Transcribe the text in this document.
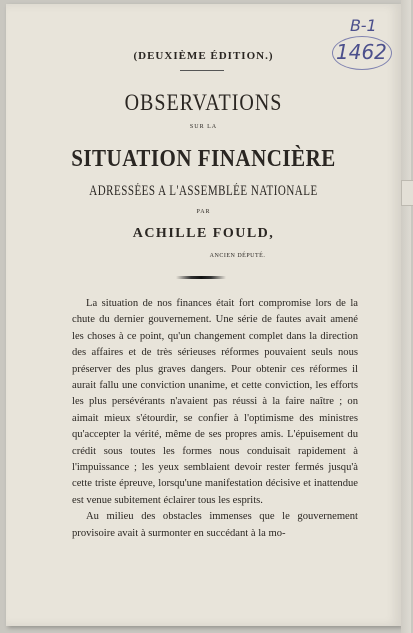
B-1
1462
(DEUXIÈME ÉDITION.)
OBSERVATIONS
SUR LA
SITUATION FINANCIÈRE
ADRESSÉES A L'ASSEMBLÉE NATIONALE
PAR
ACHILLE FOULD,
ANCIEN DÉPUTÉ.

La situation de nos finances était fort compromise lors de la chute du dernier gouvernement. Une série de fautes avait amené les choses à ce point, qu'un changement complet dans la direction des affaires et de très sérieuses réformes pouvaient seuls nous préserver des plus graves dangers. Pour obtenir ces réformes il aurait fallu une conviction unanime, et cette conviction, les efforts les plus persévérants n'avaient pas réussi à la faire naître ; on aimait mieux s'étourdir, se confier à l'optimisme des ministres qu'accepter la vérité, même de ses propres amis. L'épuisement du crédit sous toutes les formes nous conduisait rapidement à l'impuissance ; les yeux semblaient devoir rester fermés jusqu'à cette triste épreuve, lorsqu'une manifestation décisive et inattendue est venue subitement éclairer tous les esprits.

Au milieu des obstacles immenses que le gouvernement provisoire avait à surmonter en succédant à la mo-
